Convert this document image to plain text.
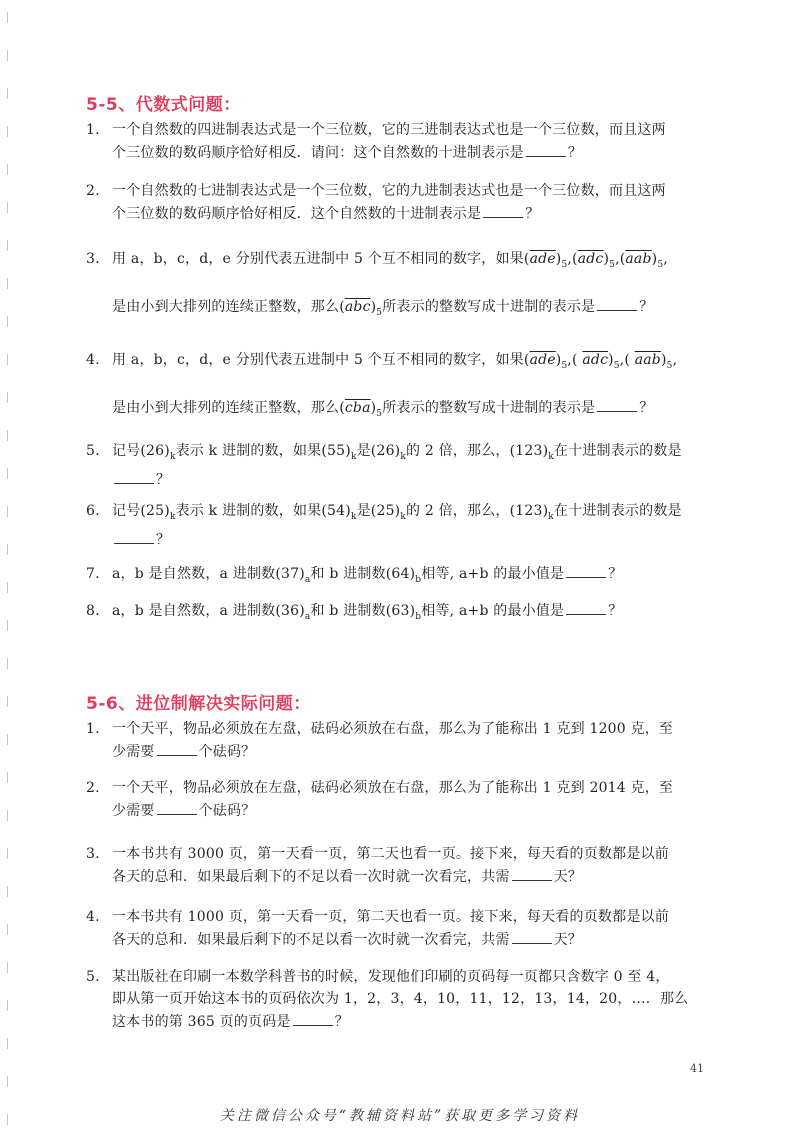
5-5、代数式问题：
1. 一个自然数的四进制表达式是一个三位数，它的三进制表达式也是一个三位数，而且这两
个三位数的数码顺序恰好相反．请问：这个自然数的十进制表示是	？
2. 一个自然数的七进制表达式是一个三位数，它的九进制表达式也是一个三位数，而且这两
个三位数的数码顺序恰好相反．这个自然数的十进制表示是	？
3. 用 a，b，c，d，e 分别代表五进制中 5 个互不相同的数字，如果$(\overline{ade})_5,(\overline{adc})_5,(\overline{aab})_5$,
是由小到大排列的连续正整数，那么$(\overline{abc})_5$所表示的整数写成十进制的表示是	？
4. 用 a，b，c，d，e 分别代表五进制中 5 个互不相同的数字，如果$(\overline{ade})_5$,( $\overline{adc})_5$,( $\overline{aab})_5$,
是由小到大排列的连续正整数，那么$(\overline{cba})_5$所表示的整数写成十进制的表示是	？
5. 记号$(26)_k$表示 k 进制的数，如果$(55)_k$是$(26)_k$的 2 倍，那么，$(123)_k$在十进制表示的数是
？
6. 记号$(25)_k$表示 k 进制的数，如果$(54)_k$是$(25)_k$的 2 倍，那么，$(123)_k$在十进制表示的数是
？
7. a，b 是自然数，a 进制数$(37)_a$和 b 进制数$(64)_b$相等, a+b 的最小值是	？
8. a，b 是自然数，a 进制数$(36)_a$和 b 进制数$(63)_b$相等, a+b 的最小值是	？
5-6、进位制解决实际问题：
1. 一个天平，物品必须放在左盘，砝码必须放在右盘，那么为了能称出 1 克到 1200 克，至
少需要	个砝码？
2. 一个天平，物品必须放在左盘，砝码必须放在右盘，那么为了能称出 1 克到 2014 克，至
少需要	个砝码？
3. 一本书共有 3000 页，第一天看一页，第二天也看一页。接下来，每天看的页数都是以前
各天的总和．如果最后剩下的不足以看一次时就一次看完，共需	天？
4. 一本书共有 1000 页，第一天看一页，第二天也看一页。接下来，每天看的页数都是以前
各天的总和．如果最后剩下的不足以看一次时就一次看完，共需	天？
5. 某出版社在印刷一本数学科普书的时候，发现他们印刷的页码每一页都只含数字 0 至 4，
即从第一页开始这本书的页码依次为 1，2，3，4，10，11，12，13，14，20，…．那么
这本书的第 365 页的页码是	？
41
关注微信公众号“教辅资料站”获取更多学习资料
